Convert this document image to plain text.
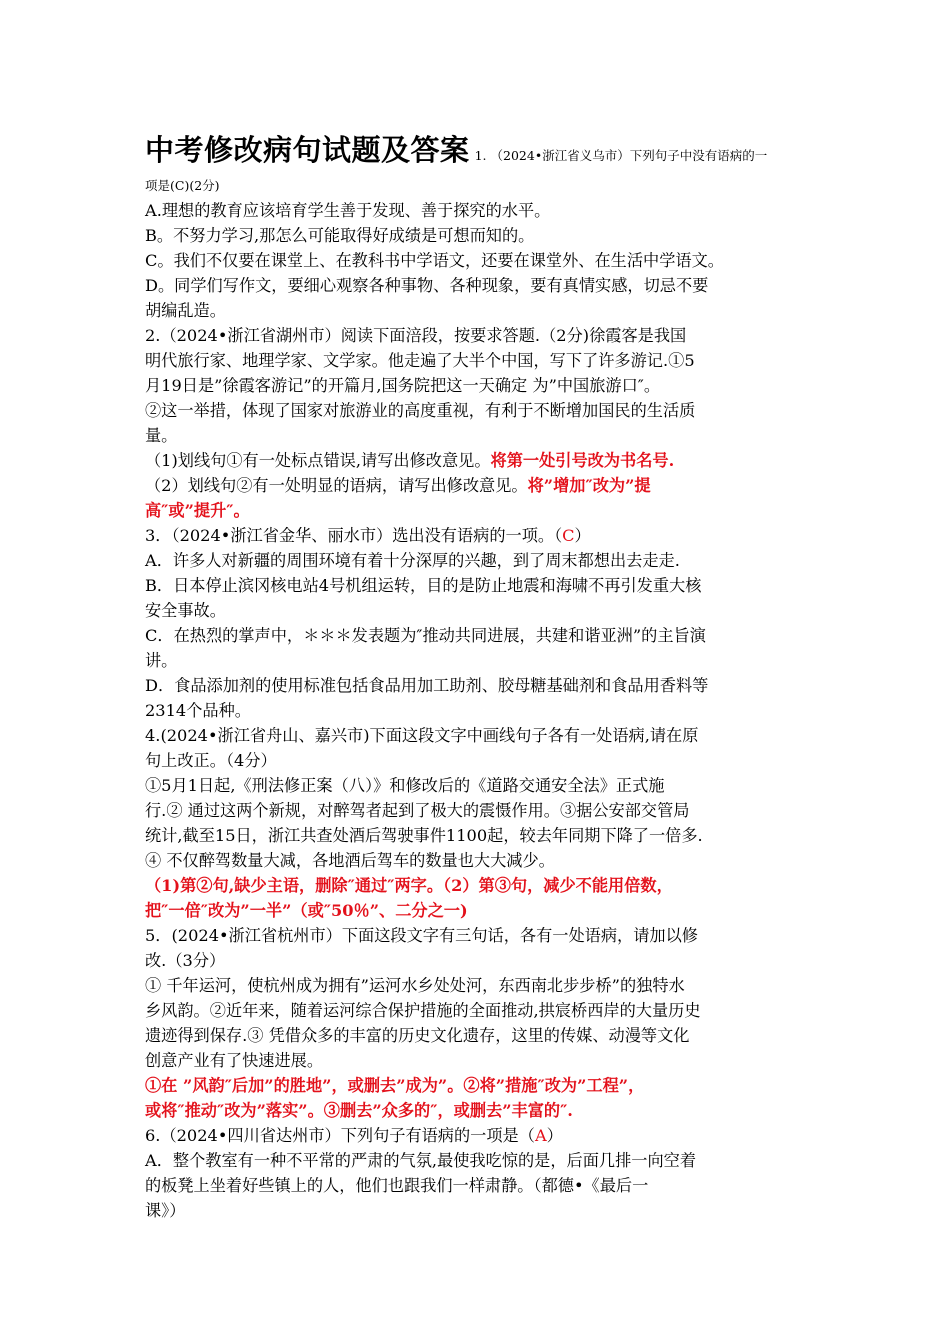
中考修改病句试题及答案 1. （2024•浙江省义乌市）下列句子中没有语病的一
项是(C)(2分)

A.理想的教育应该培育学生善于发现、善于探究的水平。

B。不努力学习,那怎么可能取得好成绩是可想而知的。

C。我们不仅要在课堂上、在教科书中学语文，还要在课堂外、在生活中学语文。

D。同学们写作文，要细心观察各种事物、各种现象，要有真情实感，切忌不要

胡编乱造。

2.（2024•浙江省湖州市）阅读下面涪段，按要求答题.（2分)徐霞客是我国

明代旅行家、地理学家、文学家。他走遍了大半个中国，写下了许多游记.①5

月19日是”徐霞客游记”的开篇月,国务院把这一天确定 为”中国旅游口″。

②这一举措，体现了国家对旅游业的高度重视，有利于不断增加国民的生活质

量。

（1)划线句①有一处标点错误,请写出修改意见。将第一处引号改为书名号.

（2）划线句②有一处明显的语病，请写出修改意见。将”增加″改为”提

高″或”提升″。

3．（2024•浙江省金华、丽水市）选出没有语病的一项。（C）

A．许多人对新疆的周围环境有着十分深厚的兴趣，到了周末都想出去走走.

B．日本停止滨冈核电站4号机组运转，目的是防止地震和海啸不再引发重大核

安全事故。

C．在热烈的掌声中，＊＊＊发表题为″推动共同进展，共建和谐亚洲”的主旨演

讲。

D．食品添加剂的使用标准包括食品用加工助剂、胶母糖基础剂和食品用香料等

2314个品种。

4.(2024•浙江省舟山、嘉兴市)下面这段文字中画线句子各有一处语病,请在原

句上改正。（4分）

①5月1日起,《刑法修正案（八）》和修改后的《道路交通安全法》正式施

行.② 通过这两个新规，对醉驾者起到了极大的震慑作用。③据公安部交管局

统计,截至15日，浙江共查处酒后驾驶事件1100起，较去年同期下降了一倍多.

④ 不仅醉驾数量大减，各地酒后驾车的数量也大大减少。

（1)第②句,缺少主语，删除″通过″两字。（2）第③句，减少不能用倍数，

把″一倍″改为”一半”（或″50％”、二分之一)

5．(2024•浙江省杭州市）下面这段文字有三句话，各有一处语病，请加以修

改.（3分）

① 千年运河，使杭州成为拥有”运河水乡处处河，东西南北步步桥”的独特水

乡风韵。②近年来，随着运河综合保护措施的全面推动,拱宸桥西岸的大量历史

遗迹得到保存.③ 凭借众多的丰富的历史文化遗存，这里的传媒、动漫等文化

创意产业有了快速进展。

①在 ”风韵″后加”的胜地”，或删去”成为”。②将”措施″改为”工程”，

或将″推动″改为”落实”。③删去”众多的″，或删去”丰富的″.

6.（2024•四川省达州市）下列句子有语病的一项是（A）

A．整个教室有一种不平常的严肃的气氛,最使我吃惊的是，后面几排一向空着

的板凳上坐着好些镇上的人，他们也跟我们一样肃静。（都德•《最后一

课》）
